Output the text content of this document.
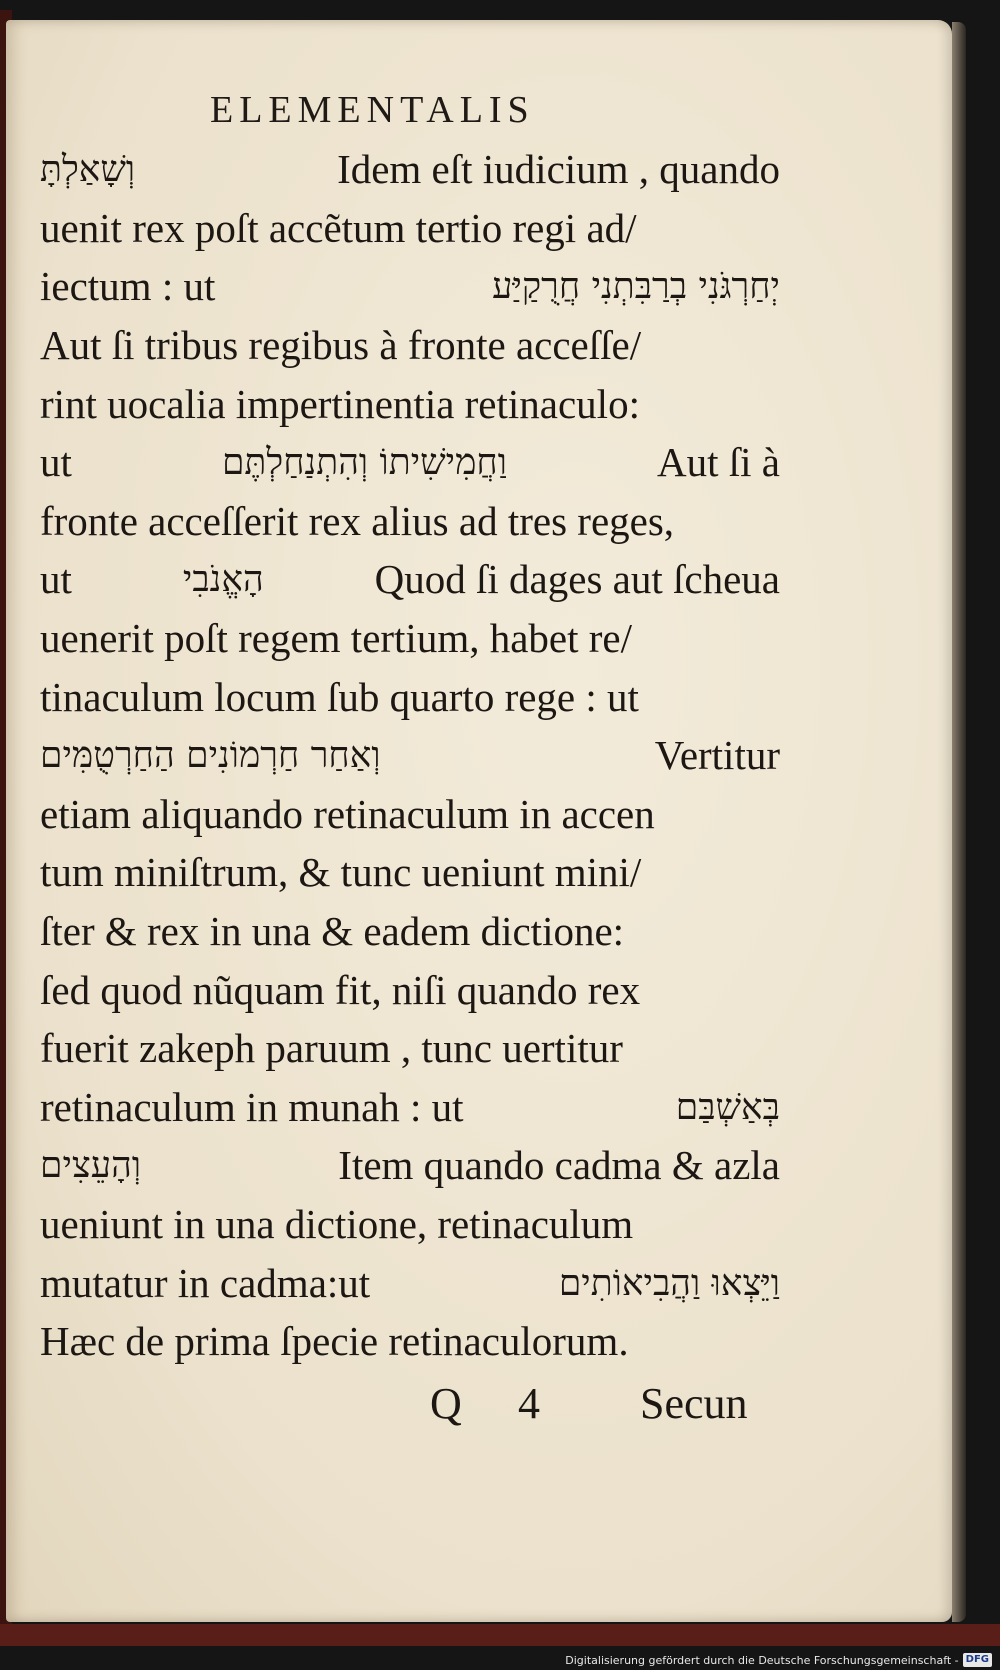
ELEMENTALIS
וְשָׁאַלְתָּ	Idem eſt iudicium , quando
uenit rex poſt accẽtum tertio regi ad/
iectum : ut	יְחַרְגֹּנִי בְרַבִּתְנִי חֲרֻקַיַּע
Aut ſi tribus regibus à fronte acceſſe/
rint uocalia impertinentia retinaculo:
ut	וַחֲמִישִׁיתוֹ וְהִתְנַחַלְתֶּם	Aut ſi à
fronte acceſſerit rex alius ad tres reges,
ut	הָאֱנֹבִי	Quod ſi dages aut ſcheua
uenerit poſt regem tertium, habet re/
tinaculum locum ſub quarto rege : ut
וְאַחַר חַרְמוֹנִים הַחַרְטֻמִּים	Vertitur
etiam aliquando retinaculum in accen
tum miniſtrum, & tunc ueniunt mini/
ſter & rex in una & eadem dictione:
ſed quod nũquam fit, niſi quando rex
fuerit zakeph paruum , tunc uertitur
retinaculum in munah : ut	בְּאַשְׁבַּם
וְהָעֵצִים	Item quando cadma & azla
ueniunt in una dictione, retinaculum
mutatur in cadma:ut	וַיֵּצְאוּ וַהֲבִיאוֹתִים
Hæc de prima ſpecie retinaculorum.
Q 4 Secun
Digitalisierung gefördert durch die Deutsche Forschungsgemeinschaft - DFG
